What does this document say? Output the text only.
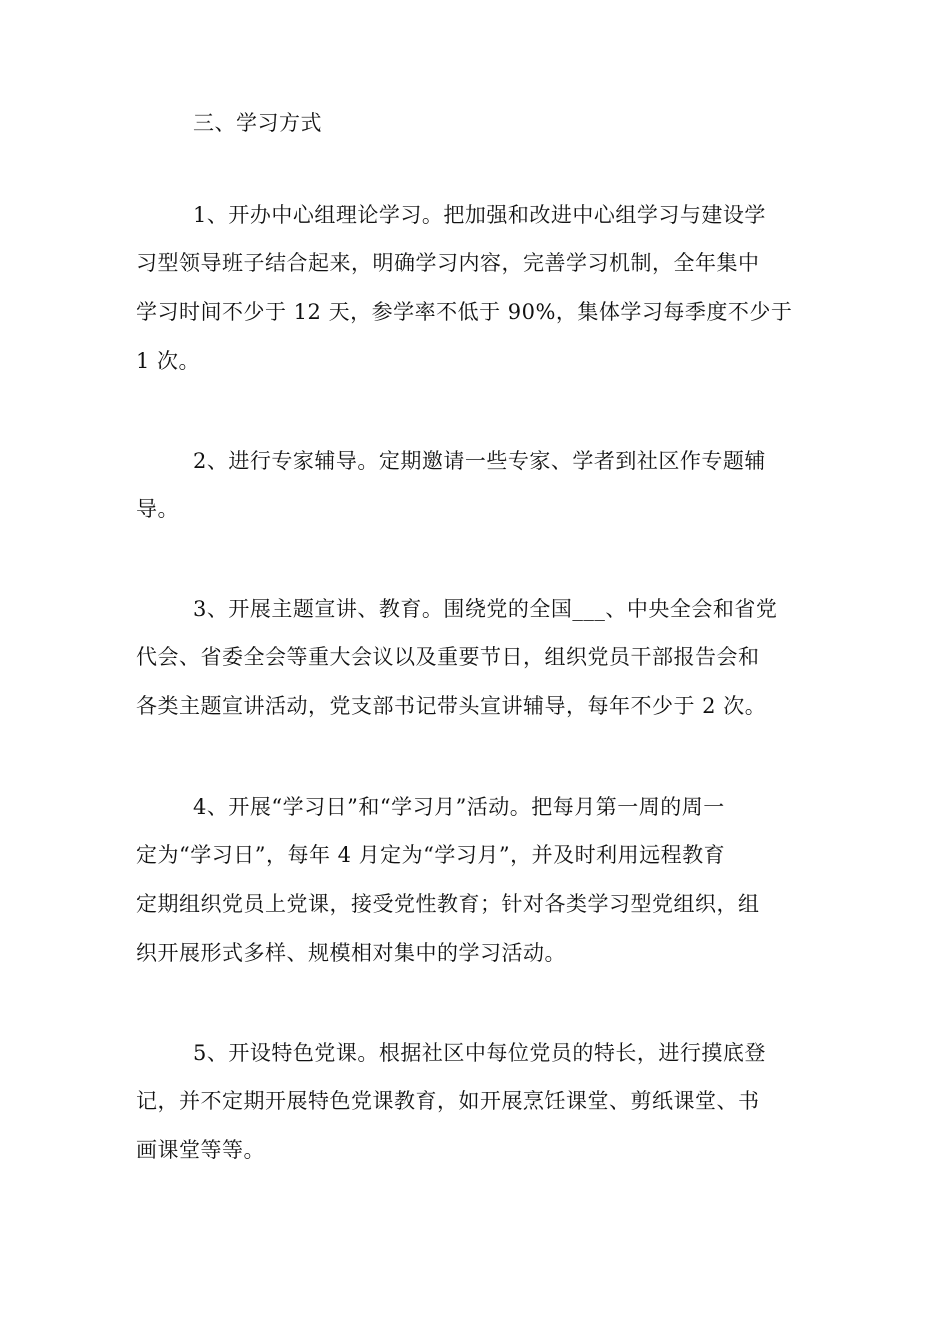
三、学习方式
1、开办中心组理论学习。把加强和改进中心组学习与建设学
习型领导班子结合起来，明确学习内容，完善学习机制，全年集中
学习时间不少于 12 天，参学率不低于 90%，集体学习每季度不少于
1 次。
2、进行专家辅导。定期邀请一些专家、学者到社区作专题辅
导。
3、开展主题宣讲、教育。围绕党的全国___、中央全会和省党
代会、省委全会等重大会议以及重要节日，组织党员干部报告会和
各类主题宣讲活动，党支部书记带头宣讲辅导，每年不少于 2 次。
4、开展“学习日”和“学习月”活动。把每月第一周的周一
定为“学习日”，每年 4 月定为“学习月”，并及时利用远程教育
定期组织党员上党课，接受党性教育；针对各类学习型党组织，组
织开展形式多样、规模相对集中的学习活动。
5、开设特色党课。根据社区中每位党员的特长，进行摸底登
记，并不定期开展特色党课教育，如开展烹饪课堂、剪纸课堂、书
画课堂等等。
